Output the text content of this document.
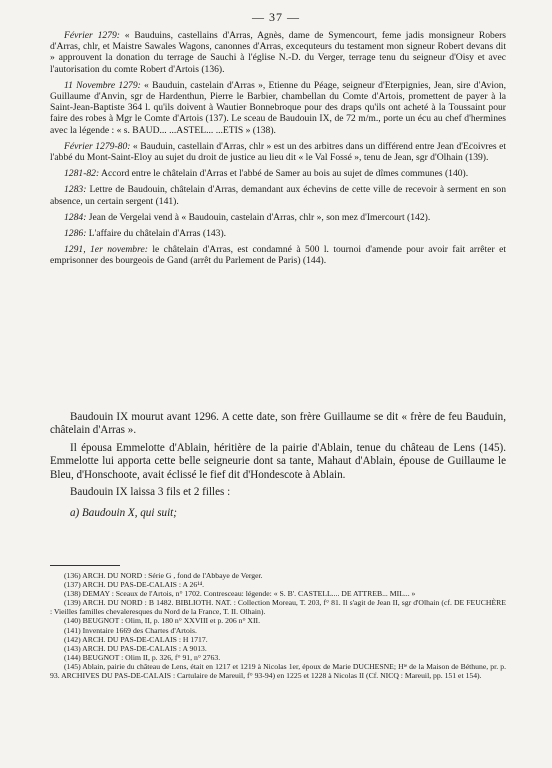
— 37 —

Février 1279: « Bauduins, castellains d'Arras, Agnès, dame de Symencourt, feme jadis monsigneur Robers d'Arras, chlr, et Maistre Sawales Wagons, canonnes d'Arras, excequteurs du testament mon signeur Robert devans dit » approuvent la donation du terrage de Sauchi à l'église N.-D. du Verger, terrage tenu du seigneur d'Oisy et avec l'autorisation du comte Robert d'Artois (136).

11 Novembre 1279: « Bauduin, castelain d'Arras », Etienne du Péage, seigneur d'Eterpignies, Jean, sire d'Avion, Guillaume d'Anvin, sgr de Hardenthun, Pierre le Barbier, chambellan du Comte d'Artois, promettent de payer à la Saint-Jean-Baptiste 364 l. qu'ils doivent à Wautier Bonnebroque pour des draps qu'ils ont acheté à la Toussaint pour faire des robes à Mgr le Comte d'Artois (137). Le sceau de Baudouin IX, de 72 m/m., porte un écu au chef d'hermines avec la légende : « s. BAUD... ...ASTEL... ...ETIS » (138).

Février 1279-80: « Bauduin, castellain d'Arras, chlr » est un des arbitres dans un différend entre Jean d'Ecoivres et l'abbé du Mont-Saint-Eloy au sujet du droit de justice au lieu dit « le Val Fossé », tenu de Jean, sgr d'Olhain (139).

1281-82: Accord entre le châtelain d'Arras et l'abbé de Samer au bois au sujet de dîmes communes (140).

1283: Lettre de Baudouin, châtelain d'Arras, demandant aux échevins de cette ville de recevoir à serment en son absence, un certain sergent (141).

1284: Jean de Vergelai vend à « Baudouin, castelain d'Arras, chlr », son mez d'Imercourt (142).

1286: L'affaire du châtelain d'Arras (143).

1291, 1er novembre: le châtelain d'Arras, est condamné à 500 l. tournoi d'amende pour avoir fait arrêter et emprisonner des bourgeois de Gand (arrêt du Parlement de Paris) (144).

Baudouin IX mourut avant 1296. A cette date, son frère Guillaume se dit « frère de feu Bauduin, châtelain d'Arras ».

Il épousa Emmelotte d'Ablain, héritière de la pairie d'Ablain, tenue du château de Lens (145). Emmelotte lui apporta cette belle seigneurie dont sa tante, Mahaut d'Ablain, épouse de Guillaume le Bleu, d'Honschoote, avait éclissé le fief dit d'Hondescote à Ablain.

Baudouin IX laissa 3 fils et 2 filles :

a) Baudouin X, qui suit;

(136) ARCH. DU NORD : Série G , fond de l'Abbaye de Verger.

(137) ARCH. DU PAS-DE-CALAIS : A 26¹⁴.

(138) DEMAY : Sceaux de l'Artois, n° 1702. Contresceau: légende: « S. B'. CASTELL.... DE ATTREB... MIL... »

(139) ARCH. DU NORD : B 1482. BIBLIOTH. NAT. : Collection Moreau, T. 203, f° 81. Il s'agit de Jean II, sgr d'Olhain (cf. DE FEUCHÈRE : Vieilles familles chevaleresques du Nord de la France, T. II. Olhain).

(140) BEUGNOT : Olim, II, p. 180 n° XXVIII et p. 206 n° XII.

(141) Inventaire 1669 des Chartes d'Artois.

(142) ARCH. DU PAS-DE-CALAIS : H 1717.

(143) ARCH. DU PAS-DE-CALAIS : A 9013.

(144) BEUGNOT : Olim II, p. 326, f° 91, n° 2763.

(145) Ablain, pairie du château de Lens, était en 1217 et 1219 à Nicolas 1er, époux de Marie DUCHESNE; Hᵗᵉ de la Maison de Béthune, pr. p. 93. ARCHIVES DU PAS-DE-CALAIS : Cartulaire de Mareuil, f° 93-94) en 1225 et 1228 à Nicolas II (Cf. NICQ : Mareuil, pp. 151 et 154).
